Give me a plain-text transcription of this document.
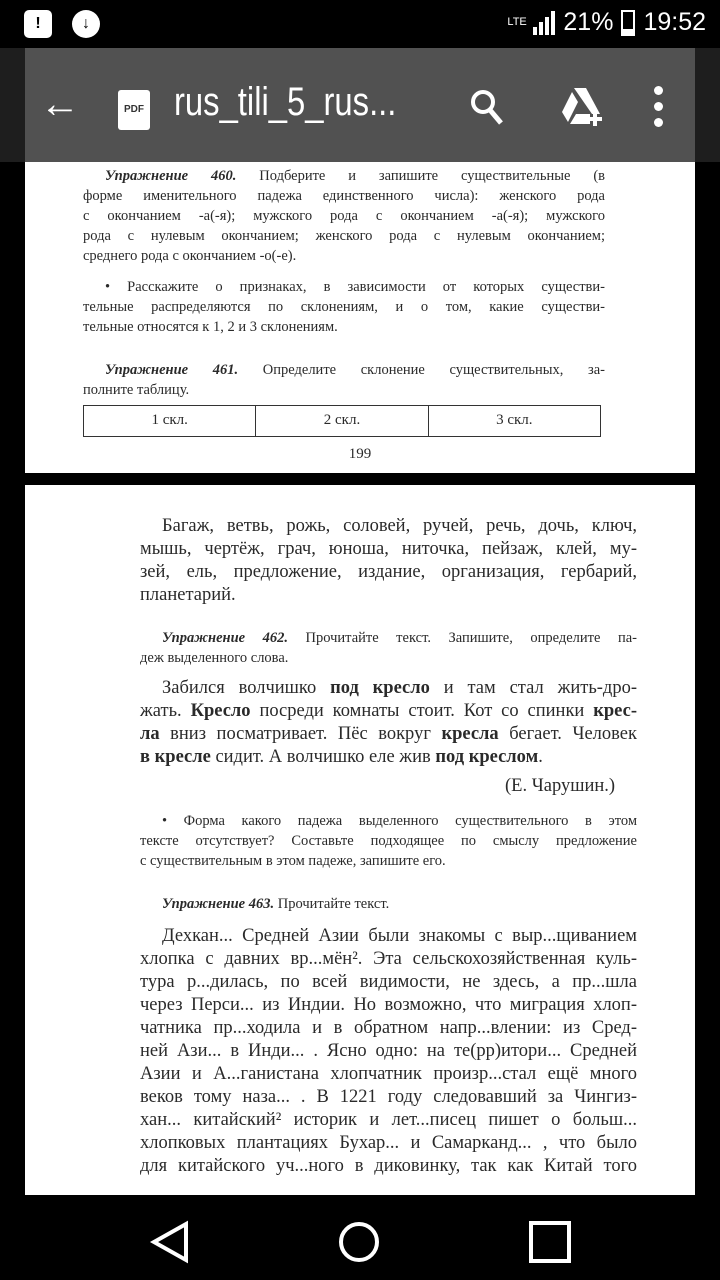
!	↓	LTE 21% 19:52
Упражнение 460. Подберите и запишите существительные (в
форме именительного падежа единственного числа): женского рода
с окончанием -а(-я); мужского рода с окончанием -а(-я); мужского
рода с нулевым окончанием; женского рода с нулевым окончанием;
среднего рода с окончанием -о(-е).
• Расскажите о признаках, в зависимости от которых существи-
тельные распределяются по склонениям, и о том, какие существи-
тельные относятся к 1, 2 и 3 склонениям.
Упражнение 461. Определите склонение существительных, за-
полните таблицу.
1 скл.	2 скл.	3 скл.
199
Багаж, ветвь, рожь, соловей, ручей, речь, дочь, ключ,
мышь, чертёж, грач, юноша, ниточка, пейзаж, клей, му-
зей, ель, предложение, издание, организация, гербарий,
планетарий.
Упражнение 462. Прочитайте текст. Запишите, определите па-
деж выделенного слова.
Забился волчишко под кресло и там стал жить-дро-
жать. Кресло посреди комнаты стоит. Кот со спинки крес-
ла вниз посматривает. Пёс вокруг кресла бегает. Человек
в кресле сидит. А волчишко еле жив под креслом.
(Е. Чарушин.)
• Форма какого падежа выделенного существительного в этом
тексте отсутствует? Составьте подходящее по смыслу предложение
с существительным в этом падеже, запишите его.
Упражнение 463. Прочитайте текст.
Дехкан... Средней Азии были знакомы с выр...щиванием
хлопка с давних вр...мён². Эта сельскохозяйственная куль-
тура р...дилась, по всей видимости, не здесь, а пр...шла
через Перси... из Индии. Но возможно, что миграция хлоп-
чатника пр...ходила и в обратном напр...влении: из Сред-
ней Ази... в Инди... . Ясно одно: на те(рр)итори... Средней
Азии и А...ганистана хлопчатник произр...стал ещё много
веков тому наза... . В 1221 году следовавший за Чингиз-
хан... китайский² историк и лет...писец пишет о больш...
хлопковых плантациях Бухар... и Самарканд... , что было
для китайского уч...ного в диковинку, так как Китай того
←	PDF rus_tili_5_rus...
